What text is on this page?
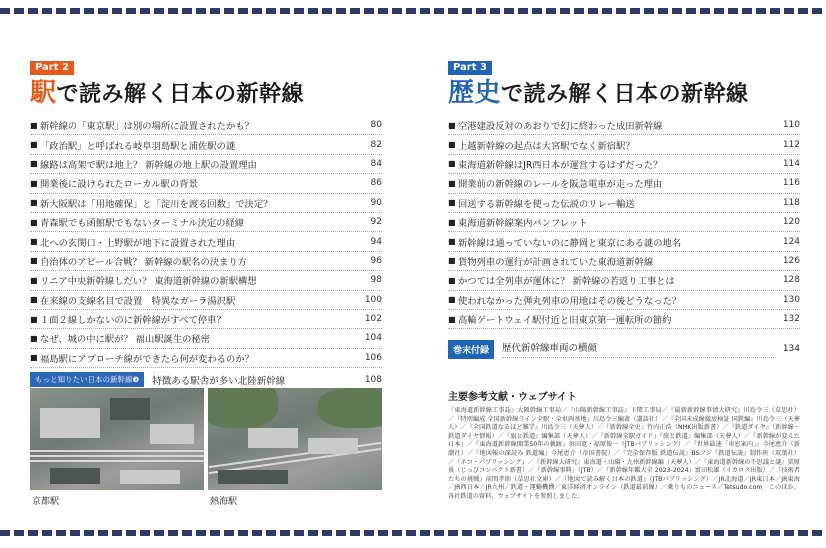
Part 2
駅で読み解く日本の新幹線
■ 新幹線の「東京駅」は別の場所に設置されたかも？	80
■ 「政治駅」と呼ばれる岐阜羽島駅と浦佐駅の謎	82
■ 線路は高架で駅は地上？ 新幹線の地上駅の設置理由	84
■ 開業後に設けられたローカル駅の背景	86
■ 新大阪駅は「用地確保」と「淀川を渡る回数」で決定？	90
■ 青森駅でも函館駅でもないターミナル決定の経緯	92
■ 北への玄関口・上野駅が地下に設置された理由	94
■ 自治体のアピール合戦？ 新幹線の駅名の決まり方	96
■ リニア中央新幹線しだい？ 東海道新幹線の新駅構想	98
■ 在来線の支線名目で設置　特異なガーラ湯沢駅	100
■ １面２線しかないのに新幹線がすべて停車？	102
■ なぜ、城の中に駅が？ 福山駅誕生の秘密	104
■ 福島駅にアプローチ線ができたら何が変わるのか？	106
もっと知りたい日本の新幹線❸	特徴ある駅舎が多い北陸新幹線	108
Part 3
歴史で読み解く日本の新幹線
■ 空港建設反対のあおりで幻に終わった成田新幹線	110
■ 上越新幹線の起点は大宮駅でなく新宿駅？	112
■ 東海道新幹線はJR西日本が運営するはずだった？	114
■ 開業前の新幹線のレールを阪急電車が走った理由	116
■ 回送する新幹線を使った伝説のリレー輸送	118
■ 東海道新幹線案内パンフレット	120
■ 新幹線は通っていないのに静岡と東京にある謎の地名	124
■ 貨物列車の運行が計画されていた東海道新幹線	126
■ かつては全列車が運休に？ 新幹線の若返り工事とは	128
■ 使われなかった弾丸列車の用地はその後どうなった？	130
■ 高輪ゲートウェイ駅付近と旧東京第一運転所の節約	132
巻末付録	歴代新幹線車両の横顔	134
京都駅	熱海駅
主要参考文献・ウェブサイト
『東海道新幹線工事誌』大阪幹線工事局／『山陽新幹線工事誌』下関工事局／『最新新幹線事情大研究』川島令三（草思社）／『特別編成 全国新幹線ライン全駅・全車両基地』川島令三編著（講談社）／『全国未成線徹底検証 国鉄編』川島令三（天夢人）／『全国鉄道なるほど雑学』川島令三（天夢人）／『新幹線全史』竹内正浩（NHK出版新書）／『鉄道ダイヤ』（新幹線・鉄道ダイヤ情報）／『旅と鉄道』編集部（天夢人）／『新幹線全駅ガイド』『旅と鉄道』編集部（天夢人）／『新幹線が変えた日本』／『東海道新幹線開業50年の軌跡』須田寛・福原俊一（JTBパブリッシング）／『世界最速「車窓案内」』今尾恵介（新潮社）／『地図帳の深読み 鉄道編』今尾恵介（帝国書院）／『完全保存版 鉄道伝説』BSフジ『鉄道伝説』制作班（双葉社）／『ネコ・パブリッシング』／『新幹線大研究』東海道・山陽・九州新幹線編（天夢人）／『東海道新幹線の不思議と謎』栗原景（じっぴコンパクト新書）／『新幹線事典』（JTB）／『新幹線年鑑大全 2023-2024』富田松雄（イカロス出版）／『技術者たちの挑戦』前間孝則（草思社文庫）／『地図で読み解く日本の鉄道』（JTBパブリッシング）／JR北海道／JR東日本／JR東海／JR西日本／JR九州／鉄道・運輸機構／東洋経済オンライン（鉄道最前線）／乗りものニュース／Tetsudo.com　このほか、各社鉄道の資料、ウェブサイトを参照しました。
